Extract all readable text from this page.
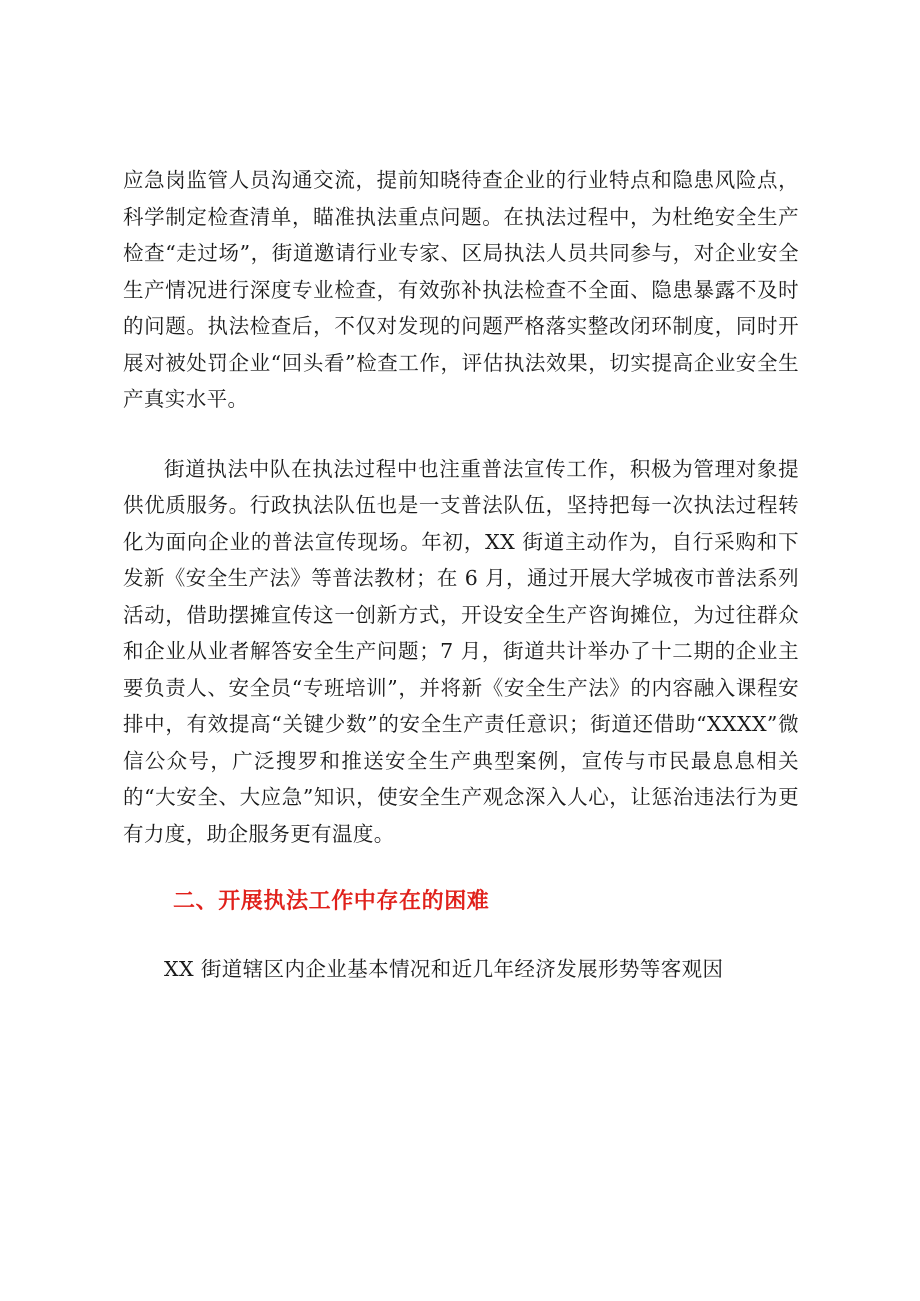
应急岗监管人员沟通交流，提前知晓待查企业的行业特点和隐患风险点，科学制定检查清单，瞄准执法重点问题。在执法过程中，为杜绝安全生产检查“走过场”，街道邀请行业专家、区局执法人员共同参与，对企业安全生产情况进行深度专业检查，有效弥补执法检查不全面、隐患暴露不及时的问题。执法检查后，不仅对发现的问题严格落实整改闭环制度，同时开展对被处罚企业“回头看”检查工作，评估执法效果，切实提高企业安全生产真实水平。

街道执法中队在执法过程中也注重普法宣传工作，积极为管理对象提供优质服务。行政执法队伍也是一支普法队伍，坚持把每一次执法过程转化为面向企业的普法宣传现场。年初，XX 街道主动作为，自行采购和下发新《安全生产法》等普法教材；在 6 月，通过开展大学城夜市普法系列活动，借助摆摊宣传这一创新方式，开设安全生产咨询摊位，为过往群众和企业从业者解答安全生产问题；7 月，街道共计举办了十二期的企业主要负责人、安全员“专班培训”，并将新《安全生产法》的内容融入课程安排中，有效提高“关键少数”的安全生产责任意识；街道还借助“XXXX”微信公众号，广泛搜罗和推送安全生产典型案例，宣传与市民最息息相关的“大安全、大应急”知识，使安全生产观念深入人心，让惩治违法行为更有力度，助企服务更有温度。

二、开展执法工作中存在的困难

XX 街道辖区内企业基本情况和近几年经济发展形势等客观因
